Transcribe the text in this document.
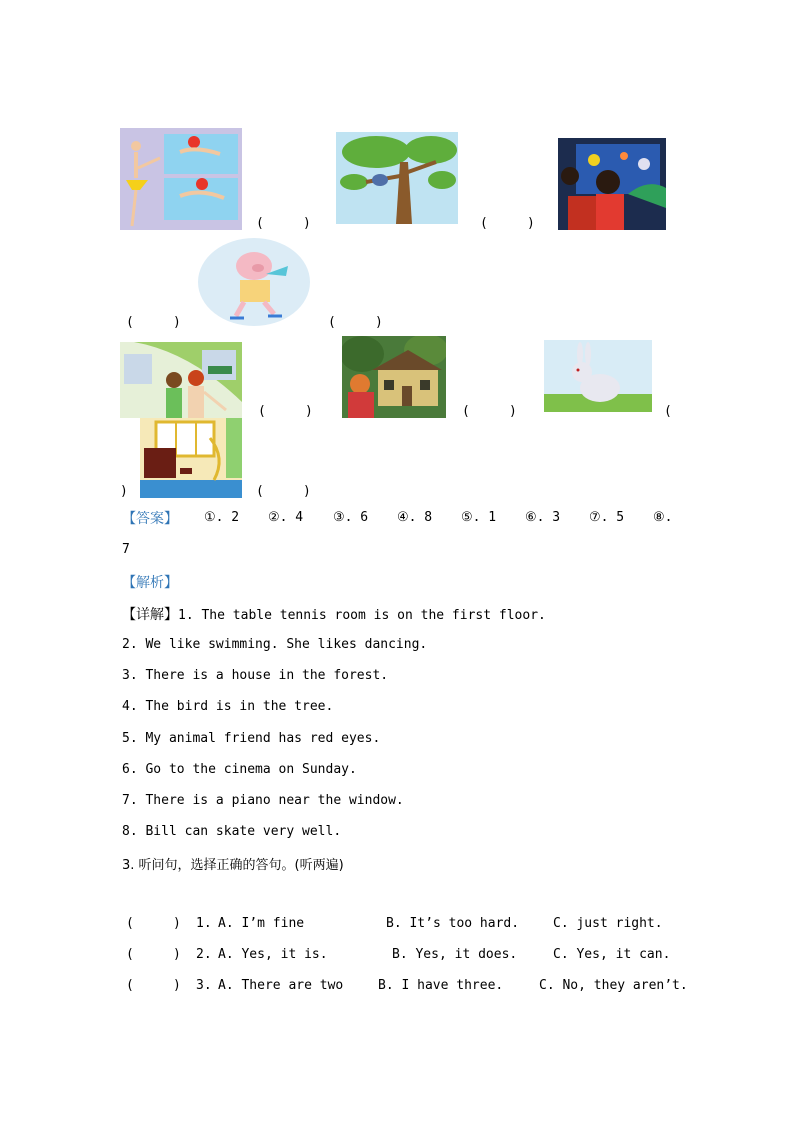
(     )	(     )
(     )	(     )
(     )	(     )	(
)	(     )
【答案】 ①. 2 ②. 4 ③. 6 ④. 8 ⑤. 1 ⑥. 3 ⑦. 5 ⑧.
7
【解析】
【详解】1. The table tennis room is on the first floor.
2. We like swimming. She likes dancing.
3. There is a house in the forest.
4. The bird is in the tree.
5. My animal friend has red eyes.
6. Go to the cinema on Sunday.
7. There is a piano near the window.
8. Bill can skate very well.
3. 听问句，选择正确的答句。(听两遍)
(     ) 1. A. I’m fine	B. It’s too hard.	C. just right.
(     ) 2. A. Yes, it is.	B. Yes, it does.	C. Yes, it can.
(     ) 3. A. There are two	B. I have three.	C. No, they aren’t.
